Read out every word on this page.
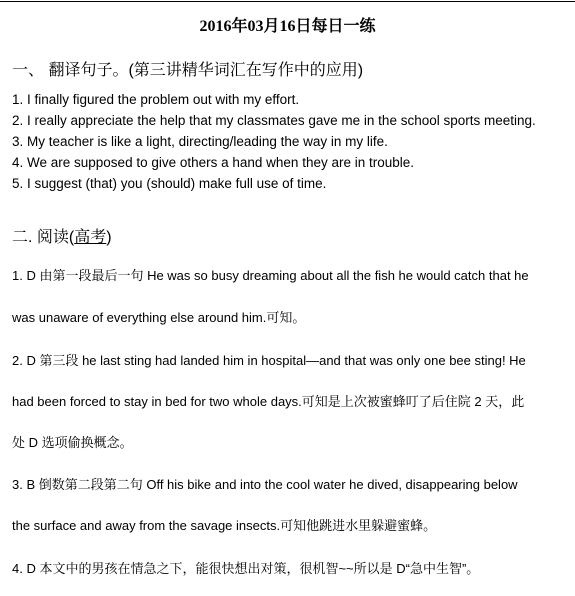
2016年03月16日每日一练
一、 翻译句子。(第三讲精华词汇在写作中的应用)
1. I finally figured the problem out with my effort.
2. I really appreciate the help that my classmates gave me in the school sports meeting.
3. My teacher is like a light, directing/leading the way in my life.
4. We are supposed to give others a hand when they are in trouble.
5. I suggest (that) you (should) make full use of time.
二. 阅读(高考)
1. D 由第一段最后一句 He was so busy dreaming about all the fish he would catch that he
was unaware of everything else around him.可知。
2. D 第三段 he last sting had landed him in hospital—and that was only one bee sting! He
had been forced to stay in bed for two whole days.可知是上次被蜜蜂叮了后住院 2 天，此
处 D 选项偷换概念。
3. B 倒数第二段第二句 Off his bike and into the cool water he dived, disappearing below
the surface and away from the savage insects.可知他跳进水里躲避蜜蜂。
4. D 本文中的男孩在情急之下，能很快想出对策，很机智~~所以是 D“急中生智”。
